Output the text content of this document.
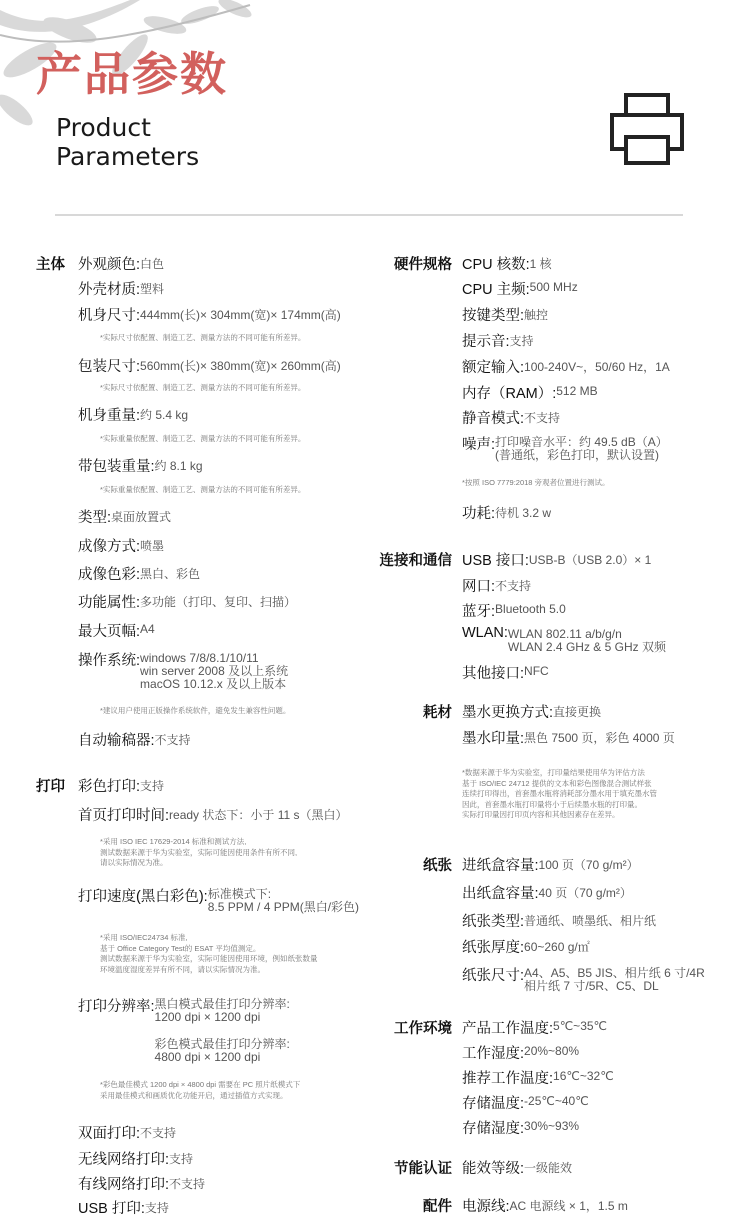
产品参数
Product
Parameters
主体 外观颜色: 白色
外壳材质: 塑料
机身尺寸: 444mm(长)× 304mm(宽)× 174mm(高)
*实际尺寸依配置、制造工艺、测量方法的不同可能有所差异。
包装尺寸: 560mm(长)× 380mm(宽)× 260mm(高)
*实际尺寸依配置、制造工艺、测量方法的不同可能有所差异。
机身重量: 约 5.4 kg
*实际重量依配置、制造工艺、测量方法的不同可能有所差异。
带包装重量: 约 8.1 kg
*实际重量依配置、制造工艺、测量方法的不同可能有所差异。
类型: 桌面放置式
成像方式: 喷墨
成像色彩: 黑白、彩色
功能属性: 多功能（打印、复印、扫描）
最大页幅: A4
操作系统: windows 7/8/8.1/10/11
win server 2008 及以上系统
macOS 10.12.x 及以上版本
*建议用户使用正版操作系统软件，避免发生兼容性问题。
自动输稿器: 不支持
打印 彩色打印: 支持
首页打印时间: ready 状态下：小于 11 s（黑白）
*采用 ISO IEC 17629-2014 标准和测试方法,
测试数据来源于华为实验室，实际可能因使用条件有所不同,
请以实际情况为准。
打印速度(黑白彩色): 标准模式下:
8.5 PPM / 4 PPM(黑白/彩色)
*采用 ISO/IEC24734 标准,
基于 Office Category Test的 ESAT 平均值测定。
测试数据来源于华为实验室，实际可能因使用环境，例如纸张数量
环境温度湿度差异有所不同，请以实际情况为准。
打印分辨率: 黑白模式最佳打印分辨率:
1200 dpi × 1200 dpi
彩色模式最佳打印分辨率:
4800 dpi × 1200 dpi
*彩色最佳模式 1200 dpi × 4800 dpi 需要在 PC 照片纸模式下
采用最佳模式和画质优化功能开启，通过插值方式实现。
双面打印: 不支持
无线网络打印: 支持
有线网络打印: 不支持
USB 打印: 支持
硬件规格 CPU 核数: 1 核
CPU 主频: 500 MHz
按键类型: 触控
提示音: 支持
额定输入: 100-240V~，50/60 Hz，1A
内存（RAM）: 512 MB
静音模式: 不支持
噪声: 打印噪音水平：约 49.5 dB（A）
(普通纸，彩色打印，默认设置)
*按照 ISO 7779:2018 旁观者位置进行测试。
功耗: 待机 3.2 w
连接和通信 USB 接口: USB-B（USB 2.0）× 1
网口: 不支持
蓝牙: Bluetooth 5.0
WLAN: WLAN 802.11 a/b/g/n
WLAN 2.4 GHz & 5 GHz 双频
其他接口: NFC
耗材 墨水更换方式: 直接更换
墨水印量: 黑色 7500 页，彩色 4000 页
*数据来源于华为实验室，打印量结果使用华为评估方法
基于 ISO/IEC 24712 提供的文本和彩色图像混合测试样张
连续打印得出，首套墨水瓶将消耗部分墨水用于填充墨水管
因此，首套墨水瓶打印量将小于后续墨水瓶的打印量。
实际打印量因打印页内容和其他因素存在差异。
纸张 进纸盒容量: 100 页（70 g/m²）
出纸盒容量: 40 页（70 g/m²）
纸张类型: 普通纸、喷墨纸、相片纸
纸张厚度: 60~260 g/㎡
纸张尺寸: A4、A5、B5 JIS、相片纸 6 寸/4R
相片纸 7 寸/5R、C5、DL
工作环境 产品工作温度: 5℃~35℃
工作湿度: 20%~80%
推荐工作温度: 16℃~32℃
存储温度: -25℃~40℃
存储湿度: 30%~93%
节能认证 能效等级: 一级能效
配件 电源线: AC 电源线 × 1，1.5 m
